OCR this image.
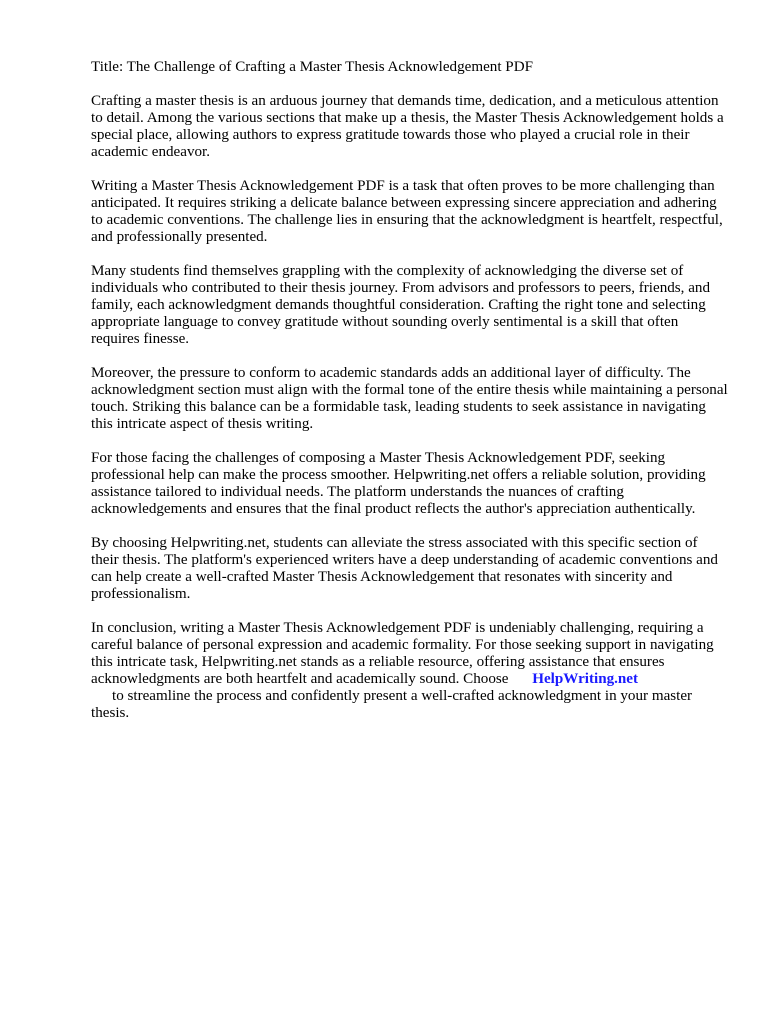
Title: The Challenge of Crafting a Master Thesis Acknowledgement PDF

Crafting a master thesis is an arduous journey that demands time, dedication, and a meticulous attention to detail. Among the various sections that make up a thesis, the Master Thesis Acknowledgement holds a special place, allowing authors to express gratitude towards those who played a crucial role in their academic endeavor.

Writing a Master Thesis Acknowledgement PDF is a task that often proves to be more challenging than anticipated. It requires striking a delicate balance between expressing sincere appreciation and adhering to academic conventions. The challenge lies in ensuring that the acknowledgment is heartfelt, respectful, and professionally presented.

Many students find themselves grappling with the complexity of acknowledging the diverse set of individuals who contributed to their thesis journey. From advisors and professors to peers, friends, and family, each acknowledgment demands thoughtful consideration. Crafting the right tone and selecting appropriate language to convey gratitude without sounding overly sentimental is a skill that often requires finesse.

Moreover, the pressure to conform to academic standards adds an additional layer of difficulty. The acknowledgment section must align with the formal tone of the entire thesis while maintaining a personal touch. Striking this balance can be a formidable task, leading students to seek assistance in navigating this intricate aspect of thesis writing.

For those facing the challenges of composing a Master Thesis Acknowledgement PDF, seeking professional help can make the process smoother. Helpwriting.net offers a reliable solution, providing assistance tailored to individual needs. The platform understands the nuances of crafting acknowledgements and ensures that the final product reflects the author's appreciation authentically.

By choosing Helpwriting.net, students can alleviate the stress associated with this specific section of their thesis. The platform's experienced writers have a deep understanding of academic conventions and can help create a well-crafted Master Thesis Acknowledgement that resonates with sincerity and professionalism.

In conclusion, writing a Master Thesis Acknowledgement PDF is undeniably challenging, requiring a careful balance of personal expression and academic formality. For those seeking support in navigating this intricate task, Helpwriting.net stands as a reliable resource, offering assistance that ensures acknowledgments are both heartfelt and academically sound. Choose HelpWriting.net
to streamline the process and confidently present a well-crafted acknowledgment in your master thesis.
